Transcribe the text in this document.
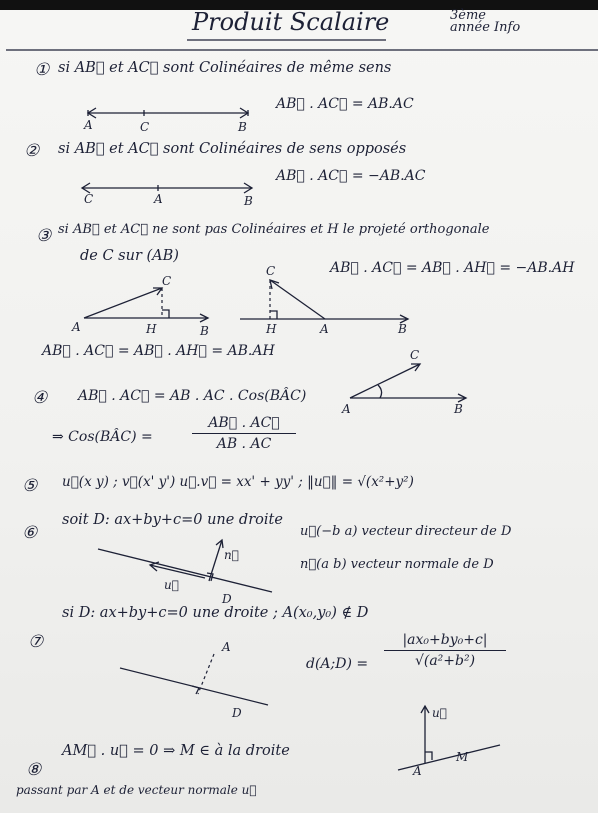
Produit Scalaire	3ème
année Info
① si AB⃗ et AC⃗ sont Colinéaires de même sens
AB⃗ . AC⃗ = AB.AC
A	C	B
② si AB⃗ et AC⃗ sont Colinéaires de sens opposés
AB⃗ . AC⃗ = −AB.AC
C	A	B
③ si AB⃗ et AC⃗ ne sont pas Colinéaires et H le projeté orthogonale
de C sur (AB)
AB⃗ . AC⃗ = AB⃗ . AH⃗ = −AB.AH
A	H	B
C
C
H	A	B
AB⃗ . AC⃗ = AB⃗ . AH⃗ = AB.AH
④ AB⃗ . AC⃗ = AB . AC . Cos(BÂC)
⇒ Cos(BÂC) =	$\frac{AB⃗ . AC⃗}{AB . AC}$
C
A	B
⑤ u⃗(x y) ; v⃗(x' y') u⃗.v⃗ = xx' + yy' ; ‖u⃗‖ = √(x²+y²)
⑥
soit D: ax+by+c=0 une droite
u⃗(−b a) vecteur directeur de D
n⃗(a b) vecteur normale de D
n⃗
u⃗
D
⑦
si D: ax+by+c=0 une droite ; A(x₀,y₀) ∉ D
d(A;D) = $\frac{\text{|ax₀+by₀+c|}}{\text{√(a²+b²)}}$
A
D
⑧
AM⃗ . u⃗ = 0 ⇒ M ∈ à la droite
passant par A et de vecteur normale u⃗
u⃗
A
M
